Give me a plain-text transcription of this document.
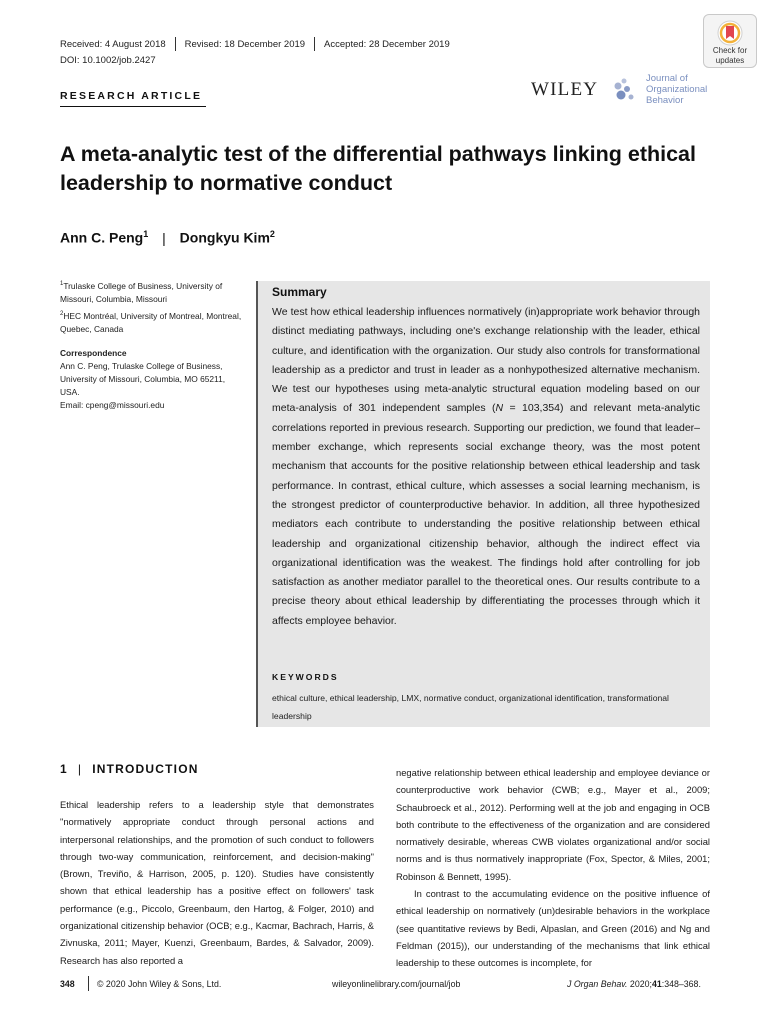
Received: 4 August 2018 Revised: 18 December 2019 Accepted: 28 December 2019
DOI: 10.1002/job.2427
Check for
updates
RESEARCH ARTICLE	WILEY
Journal of
Organizational
Behavior
A meta-analytic test of the differential pathways linking ethical leadership to normative conduct
Ann C. Peng$^1$ | Dongkyu Kim$^2$
$^1$Trulaske College of Business, University of Missouri, Columbia, Missouri
$^2$HEC Montréal, University of Montreal, Montreal, Quebec, Canada
Correspondence
Ann C. Peng, Trulaske College of Business, University of Missouri, Columbia, MO 65211, USA.
Email: cpeng@missouri.edu
Summary
We test how ethical leadership influences normatively (in)appropriate work behavior through distinct mediating pathways, including one's exchange relationship with the leader, ethical culture, and identification with the organization. Our study also controls for transformational leadership as a predictor and trust in leader as a nonhypothesized alternative mechanism. We test our hypotheses using meta-analytic structural equation modeling based on our meta-analysis of 301 independent samples (N = 103,354) and relevant meta-analytic correlations reported in previous research. Supporting our prediction, we found that leader–member exchange, which represents social exchange theory, was the most potent mechanism that accounts for the positive relationship between ethical leadership and task performance. In contrast, ethical culture, which assesses a social learning mechanism, is the strongest predictor of counterproductive behavior. In addition, all three hypothesized mediators each contribute to understanding the positive relationship between ethical leadership and organizational citizenship behavior, although the indirect effect via organizational identification was the weakest. The findings hold after controlling for job satisfaction as another mediator parallel to the theoretical ones. Our results contribute to a precise theory about ethical leadership by differentiating the processes through which it affects employee behavior.
KEYWORDS
ethical culture, ethical leadership, LMX, normative conduct, organizational identification, transformational leadership
1 | INTRODUCTION
Ethical leadership refers to a leadership style that demonstrates "normatively appropriate conduct through personal actions and interpersonal relationships, and the promotion of such conduct to followers through two-way communication, reinforcement, and decision-making" (Brown, Treviño, & Harrison, 2005, p. 120). Studies have consistently shown that ethical leadership has a positive effect on followers' task performance (e.g., Piccolo, Greenbaum, den Hartog, & Folger, 2010) and organizational citizenship behavior (OCB; e.g., Kacmar, Bachrach, Harris, & Zivnuska, 2011; Mayer, Kuenzi, Greenbaum, Bardes, & Salvador, 2009). Research has also reported a
negative relationship between ethical leadership and employee deviance or counterproductive work behavior (CWB; e.g., Mayer et al., 2009; Schaubroeck et al., 2012). Performing well at the job and engaging in OCB both contribute to the effectiveness of the organization and are considered normatively desirable, whereas CWB violates organizational and/or social norms and is thus normatively inappropriate (Fox, Spector, & Miles, 2001; Robinson & Bennett, 1995).
In contrast to the accumulating evidence on the positive influence of ethical leadership on normatively (un)desirable behaviors in the workplace (see quantitative reviews by Bedi, Alpaslan, and Green (2016) and Ng and Feldman (2015)), our understanding of the mechanisms that link ethical leadership to these outcomes is incomplete, for
348	© 2020 John Wiley & Sons, Ltd.	wileyonlinelibrary.com/journal/job	J Organ Behav. 2020;41:348–368.
